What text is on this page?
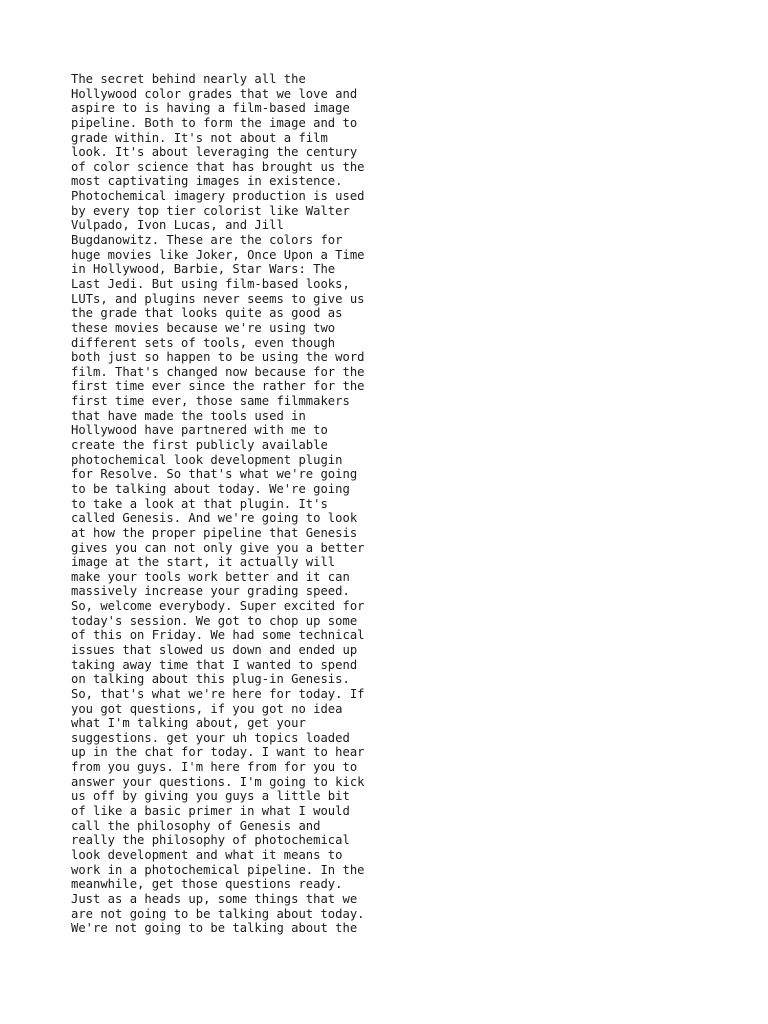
The secret behind nearly all the
Hollywood color grades that we love and
aspire to is having a film-based image
pipeline. Both to form the image and to
grade within. It's not about a film
look. It's about leveraging the century
of color science that has brought us the
most captivating images in existence.
Photochemical imagery production is used
by every top tier colorist like Walter
Vulpado, Ivon Lucas, and Jill
Bugdanowitz. These are the colors for
huge movies like Joker, Once Upon a Time
in Hollywood, Barbie, Star Wars: The
Last Jedi. But using film-based looks,
LUTs, and plugins never seems to give us
the grade that looks quite as good as
these movies because we're using two
different sets of tools, even though
both just so happen to be using the word
film. That's changed now because for the
first time ever since the rather for the
first time ever, those same filmmakers
that have made the tools used in
Hollywood have partnered with me to
create the first publicly available
photochemical look development plugin
for Resolve. So that's what we're going
to be talking about today. We're going
to take a look at that plugin. It's
called Genesis. And we're going to look
at how the proper pipeline that Genesis
gives you can not only give you a better
image at the start, it actually will
make your tools work better and it can
massively increase your grading speed.
So, welcome everybody. Super excited for
today's session. We got to chop up some
of this on Friday. We had some technical
issues that slowed us down and ended up
taking away time that I wanted to spend
on talking about this plug-in Genesis.
So, that's what we're here for today. If
you got questions, if you got no idea
what I'm talking about, get your
suggestions. get your uh topics loaded
up in the chat for today. I want to hear
from you guys. I'm here from for you to
answer your questions. I'm going to kick
us off by giving you guys a little bit
of like a basic primer in what I would
call the philosophy of Genesis and
really the philosophy of photochemical
look development and what it means to
work in a photochemical pipeline. In the
meanwhile, get those questions ready.
Just as a heads up, some things that we
are not going to be talking about today.
We're not going to be talking about the
